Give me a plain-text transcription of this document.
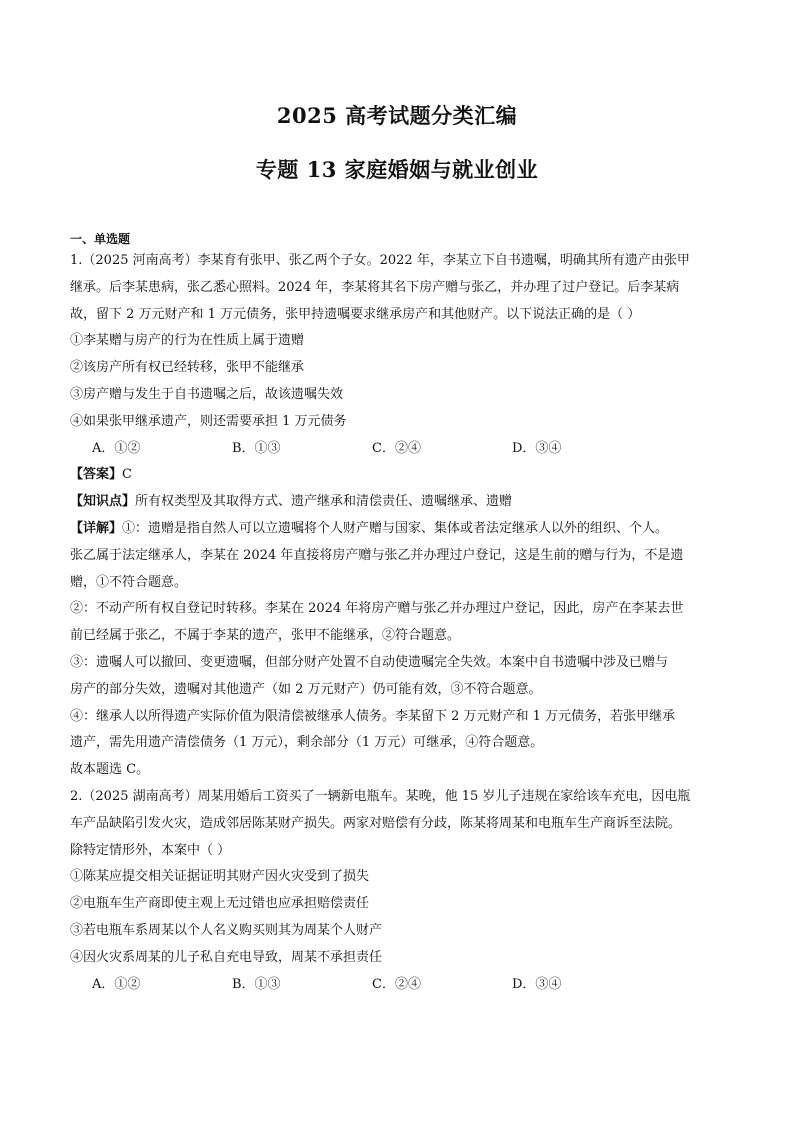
2025 高考试题分类汇编
专题 13 家庭婚姻与就业创业
一、单选题
1.（2025 河南高考）李某育有张甲、张乙两个子女。2022 年，李某立下自书遗嘱，明确其所有遗产由张甲
继承。后李某患病，张乙悉心照料。2024 年，李某将其名下房产赠与张乙，并办理了过户登记。后李某病
故，留下 2 万元财产和 1 万元债务，张甲持遗嘱要求继承房产和其他财产。以下说法正确的是（ ）
①李某赠与房产的行为在性质上属于遗赠
②该房产所有权已经转移，张甲不能继承
③房产赠与发生于自书遗嘱之后，故该遗嘱失效
④如果张甲继承遗产，则还需要承担 1 万元债务
A．①②	B．①③	C．②④	D．③④
【答案】C
【知识点】所有权类型及其取得方式、遗产继承和清偿责任、遗嘱继承、遗赠
【详解】①：遗赠是指自然人可以立遗嘱将个人财产赠与国家、集体或者法定继承人以外的组织、个人。
张乙属于法定继承人，李某在 2024 年直接将房产赠与张乙并办理过户登记，这是生前的赠与行为，不是遗
赠，①不符合题意。
②：不动产所有权自登记时转移。李某在 2024 年将房产赠与张乙并办理过户登记，因此，房产在李某去世
前已经属于张乙，不属于李某的遗产，张甲不能继承，②符合题意。
③：遗嘱人可以撤回、变更遗嘱，但部分财产处置不自动使遗嘱完全失效。本案中自书遗嘱中涉及已赠与
房产的部分失效，遗嘱对其他遗产（如 2 万元财产）仍可能有效，③不符合题意。
④：继承人以所得遗产实际价值为限清偿被继承人债务。李某留下 2 万元财产和 1 万元债务，若张甲继承
遗产，需先用遗产清偿债务（1 万元），剩余部分（1 万元）可继承，④符合题意。
故本题选 C。
2.（2025 湖南高考）周某用婚后工资买了一辆新电瓶车。某晚，他 15 岁儿子违规在家给该车充电，因电瓶
车产品缺陷引发火灾，造成邻居陈某财产损失。两家对赔偿有分歧，陈某将周某和电瓶车生产商诉至法院。
除特定情形外，本案中（ ）
①陈某应提交相关证据证明其财产因火灾受到了损失
②电瓶车生产商即使主观上无过错也应承担赔偿责任
③若电瓶车系周某以个人名义购买则其为周某个人财产
④因火灾系周某的儿子私自充电导致，周某不承担责任
A．①②	B．①③	C．②④	D．③④
